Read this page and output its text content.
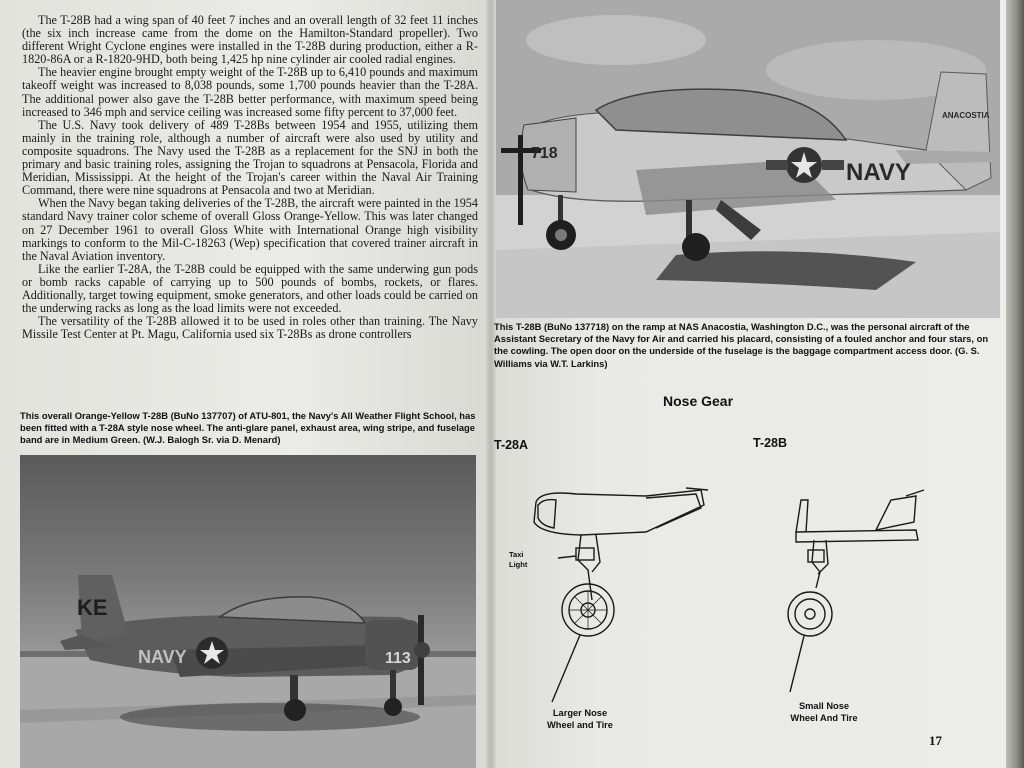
The T-28B had a wing span of 40 feet 7 inches and an overall length of 32 feet 11 inches (the six inch increase came from the dome on the Hamilton-Standard propeller). Two different Wright Cyclone engines were installed in the T-28B during production, either a R-1820-86A or a R-1820-9HD, both being 1,425 hp nine cylinder air cooled radial engines.

The heavier engine brought empty weight of the T-28B up to 6,410 pounds and maximum takeoff weight was increased to 8,038 pounds, some 1,700 pounds heavier than the T-28A. The additional power also gave the T-28B better performance, with maximum speed being increased to 346 mph and service ceiling was increased some fifty percent to 37,000 feet.

The U.S. Navy took delivery of 489 T-28Bs between 1954 and 1955, utilizing them mainly in the training role, although a number of aircraft were also used by utility and composite squadrons. The Navy used the T-28B as a replacement for the SNJ in both the primary and basic training roles, assigning the Trojan to squadrons at Pensacola, Florida and Meridian, Mississippi. At the height of the Trojan's career within the Naval Air Training Command, there were nine squadrons at Pensacola and two at Meridian.

When the Navy began taking deliveries of the T-28B, the aircraft were painted in the 1954 standard Navy trainer color scheme of overall Gloss Orange-Yellow. This was later changed on 27 December 1961 to overall Gloss White with International Orange high visibility markings to conform to the Mil-C-18263 (Wep) specification that covered trainer aircraft in the Naval Aviation inventory.

Like the earlier T-28A, the T-28B could be equipped with the same underwing gun pods or bomb racks capable of carrying up to 500 pounds of bombs, rockets, or flares. Additionally, target towing equipment, smoke generators, and other loads could be carried on the underwing racks as long as the load limits were not exceeded.

The versatility of the T-28B allowed it to be used in roles other than training. The Navy Missile Test Center at Pt. Magu, California used six T-28Bs as drone controllers

This overall Orange-Yellow T-28B (BuNo 137707) of ATU-801, the Navy's All Weather Flight School, has been fitted with a T-28A style nose wheel. The anti-glare panel, exhaust area, wing stripe, and fuselage band are in Medium Green. (W.J. Balogh Sr. via D. Menard)
KE
NAVY	113
718
NAVY
ANACOSTIA
This T-28B (BuNo 137718) on the ramp at NAS Anacostia, Washington D.C., was the personal aircraft of the Assistant Secretary of the Navy for Air and carried his placard, consisting of a fouled anchor and four stars, on the cowling. The open door on the underside of the fuselage is the baggage compartment access door. (G. S. Williams via W.T. Larkins)
Nose Gear
T-28A	T-28B
Taxi
Light
Larger Nose
Wheel and Tire
Small Nose
Wheel And Tire
17
